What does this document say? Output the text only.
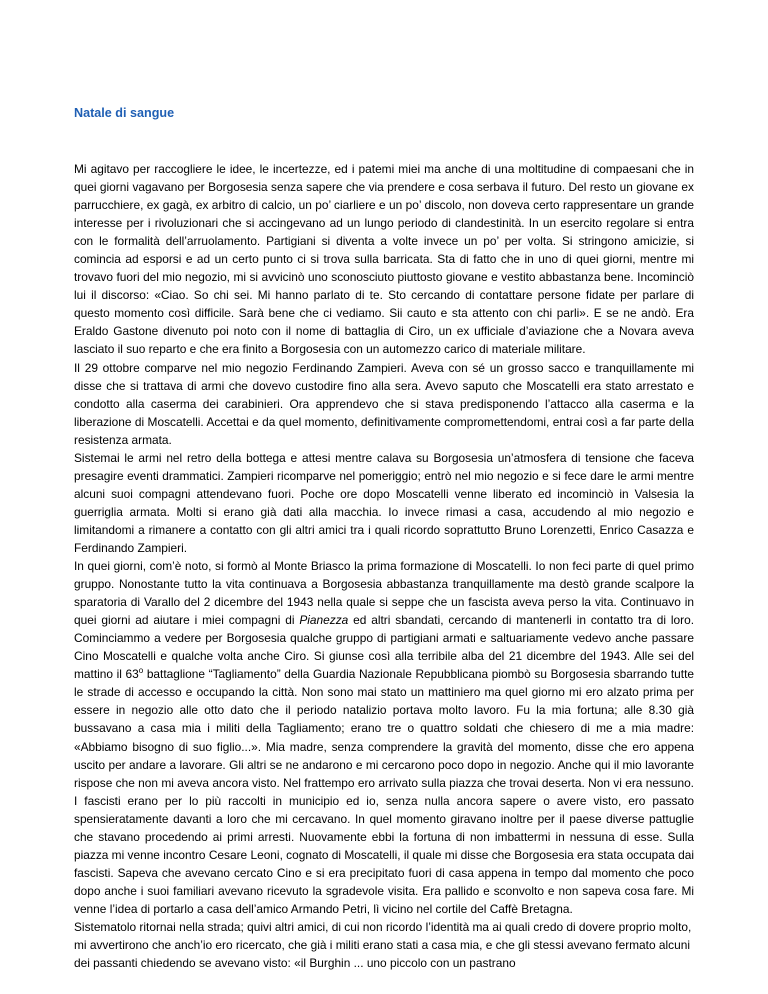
Natale di sangue

Mi agitavo per raccogliere le idee, le incertezze, ed i patemi miei ma anche di una moltitudine di compaesani che in quei giorni vagavano per Borgosesia senza sapere che via prendere e cosa serbava il futuro. Del resto un giovane ex parrucchiere, ex gagà, ex arbitro di calcio, un po’ ciarliere e un po’ discolo, non doveva certo rappresentare un grande interesse per i rivoluzionari che si accingevano ad un lungo periodo di clandestinità. In un esercito regolare si entra con le formalità dell’arruolamento. Partigiani si diventa a volte invece un po’ per volta. Si stringono amicizie, si comincia ad esporsi e ad un certo punto ci si trova sulla barricata. Sta di fatto che in uno di quei giorni, mentre mi trovavo fuori del mio negozio, mi si avvicinò uno sconosciuto piuttosto giovane e vestito abbastanza bene. Incominciò lui il discorso: «Ciao. So chi sei. Mi hanno parlato di te. Sto cercando di contattare persone fidate per parlare di questo momento così difficile. Sarà bene che ci vediamo. Sii cauto e sta attento con chi parli». E se ne andò. Era Eraldo Gastone divenuto poi noto con il nome di battaglia di Ciro, un ex ufficiale d’aviazione che a Novara aveva lasciato il suo reparto e che era finito a Borgosesia con un automezzo carico di materiale militare.

Il 29 ottobre comparve nel mio negozio Ferdinando Zampieri. Aveva con sé un grosso sacco e tranquillamente mi disse che si trattava di armi che dovevo custodire fino alla sera. Avevo saputo che Moscatelli era stato arrestato e condotto alla caserma dei carabinieri. Ora apprendevo che si stava predisponendo l’attacco alla caserma e la liberazione di Moscatelli. Accettai e da quel momento, definitivamente compromettendomi, entrai così a far parte della resistenza armata.

Sistemai le armi nel retro della bottega e attesi mentre calava su Borgosesia un’atmosfera di tensione che faceva presagire eventi drammatici. Zampieri ricomparve nel pomeriggio; entrò nel mio negozio e si fece dare le armi mentre alcuni suoi compagni attendevano fuori. Poche ore dopo Moscatelli venne liberato ed incominciò in Valsesia la guerriglia armata. Molti si erano già dati alla macchia. Io invece rimasi a casa, accudendo al mio negozio e limitandomi a rimanere a contatto con gli altri amici tra i quali ricordo soprattutto Bruno Lorenzetti, Enrico Casazza e Ferdinando Zampieri.

In quei giorni, com’è noto, si formò al Monte Briasco la prima formazione di Moscatelli. Io non feci parte di quel primo gruppo. Nonostante tutto la vita continuava a Borgosesia abbastanza tranquillamente ma destò grande scalpore la sparatoria di Varallo del 2 dicembre del 1943 nella quale si seppe che un fascista aveva perso la vita. Continuavo in quei giorni ad aiutare i miei compagni di Pianezza ed altri sbandati, cercando di mantenerli in contatto tra di loro. Cominciammo a vedere per Borgosesia qualche gruppo di partigiani armati e saltuariamente vedevo anche passare Cino Moscatelli e qualche volta anche Ciro. Si giunse così alla terribile alba del 21 dicembre del 1943. Alle sei del mattino il 63$^o$ battaglione “Tagliamento” della Guardia Nazionale Repubblicana piombò su Borgosesia sbarrando tutte le strade di accesso e occupando la città. Non sono mai stato un mattiniero ma quel giorno mi ero alzato prima per essere in negozio alle otto dato che il periodo natalizio portava molto lavoro. Fu la mia fortuna; alle 8.30 già bussavano a casa mia i militi della Tagliamento; erano tre o quattro soldati che chiesero di me a mia madre: «Abbiamo bisogno di suo figlio...». Mia madre, senza comprendere la gravità del momento, disse che ero appena uscito per andare a lavorare. Gli altri se ne andarono e mi cercarono poco dopo in negozio. Anche qui il mio lavorante rispose che non mi aveva ancora visto. Nel frattempo ero arrivato sulla piazza che trovai deserta. Non vi era nessuno. I fascisti erano per lo più raccolti in municipio ed io, senza nulla ancora sapere o avere visto, ero passato spensieratamente davanti a loro che mi cercavano. In quel momento giravano inoltre per il paese diverse pattuglie che stavano procedendo ai primi arresti. Nuovamente ebbi la fortuna di non imbattermi in nessuna di esse. Sulla piazza mi venne incontro Cesare Leoni, cognato di Moscatelli, il quale mi disse che Borgosesia era stata occupata dai fascisti. Sapeva che avevano cercato Cino e si era precipitato fuori di casa appena in tempo dal momento che poco dopo anche i suoi familiari avevano ricevuto la sgradevole visita. Era pallido e sconvolto e non sapeva cosa fare. Mi venne l’idea di portarlo a casa dell’amico Armando Petri, lì vicino nel cortile del Caffè Bretagna.

Sistematolo ritornai nella strada; quivi altri amici, di cui non ricordo l’identità ma ai quali credo di dovere proprio molto, mi avvertirono che anch’io ero ricercato, che già i militi erano stati a casa mia, e che gli stessi avevano fermato alcuni dei passanti chiedendo se avevano visto: «il Burghin ... uno piccolo con un pastrano
